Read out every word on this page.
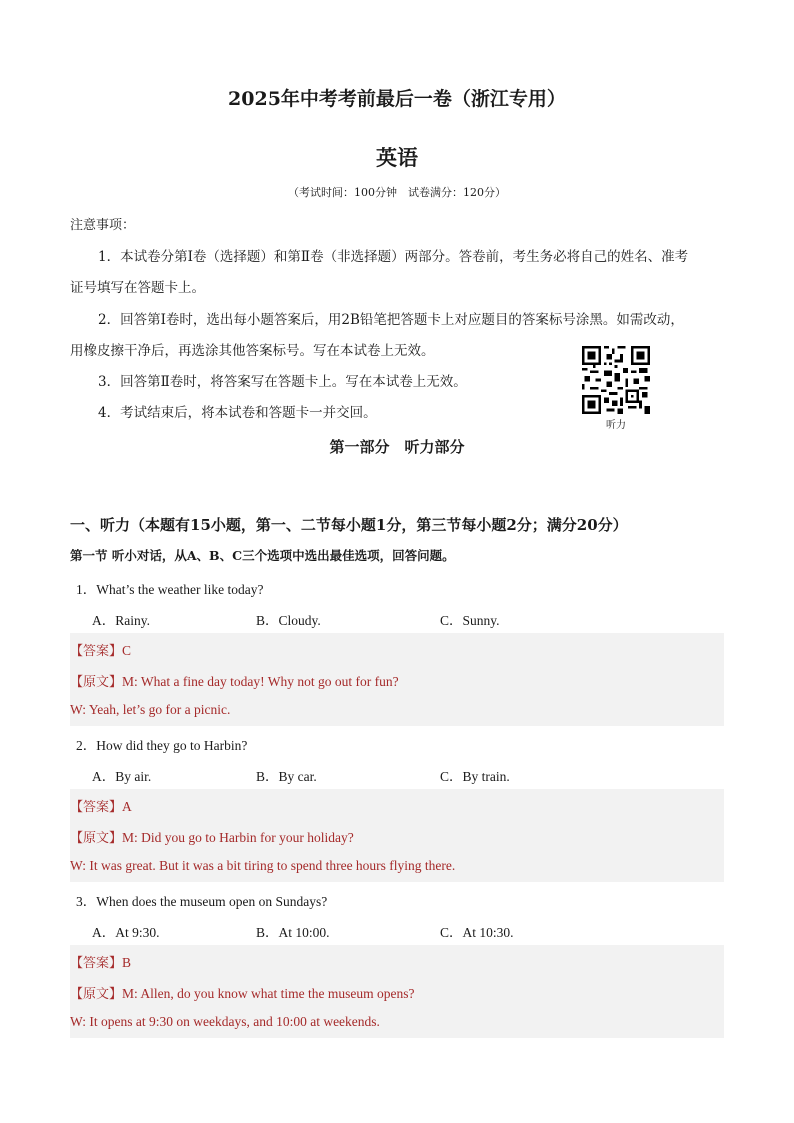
2025年中考考前最后一卷（浙江专用）
英语
（考试时间：100分钟　试卷满分：120分）
注意事项：
1．本试卷分第Ⅰ卷（选择题）和第Ⅱ卷（非选择题）两部分。答卷前，考生务必将自己的姓名、准考
证号填写在答题卡上。
2．回答第Ⅰ卷时，选出每小题答案后，用2B铅笔把答题卡上对应题目的答案标号涂黑。如需改动，
用橡皮擦干净后，再选涂其他答案标号。写在本试卷上无效。
3．回答第Ⅱ卷时，将答案写在答题卡上。写在本试卷上无效。
4．考试结束后，将本试卷和答题卡一并交回。
听力
第一部分　听力部分
一、听力（本题有15小题，第一、二节每小题1分，第三节每小题2分；满分20分）
第一节 听小对话，从A、B、C三个选项中选出最佳选项，回答问题。
1．What’s the weather like today?
A．Rainy.	B．Cloudy.	C．Sunny.
【答案】C
【原文】M: What a fine day today! Why not go out for fun?
W: Yeah, let’s go for a picnic.
2．How did they go to Harbin?
A．By air.	B．By car.	C．By train.
【答案】A
【原文】M: Did you go to Harbin for your holiday?
W: It was great. But it was a bit tiring to spend three hours flying there.
3．When does the museum open on Sundays?
A．At 9:30.	B．At 10:00.	C．At 10:30.
【答案】B
【原文】M: Allen, do you know what time the museum opens?
W: It opens at 9:30 on weekdays, and 10:00 at weekends.
